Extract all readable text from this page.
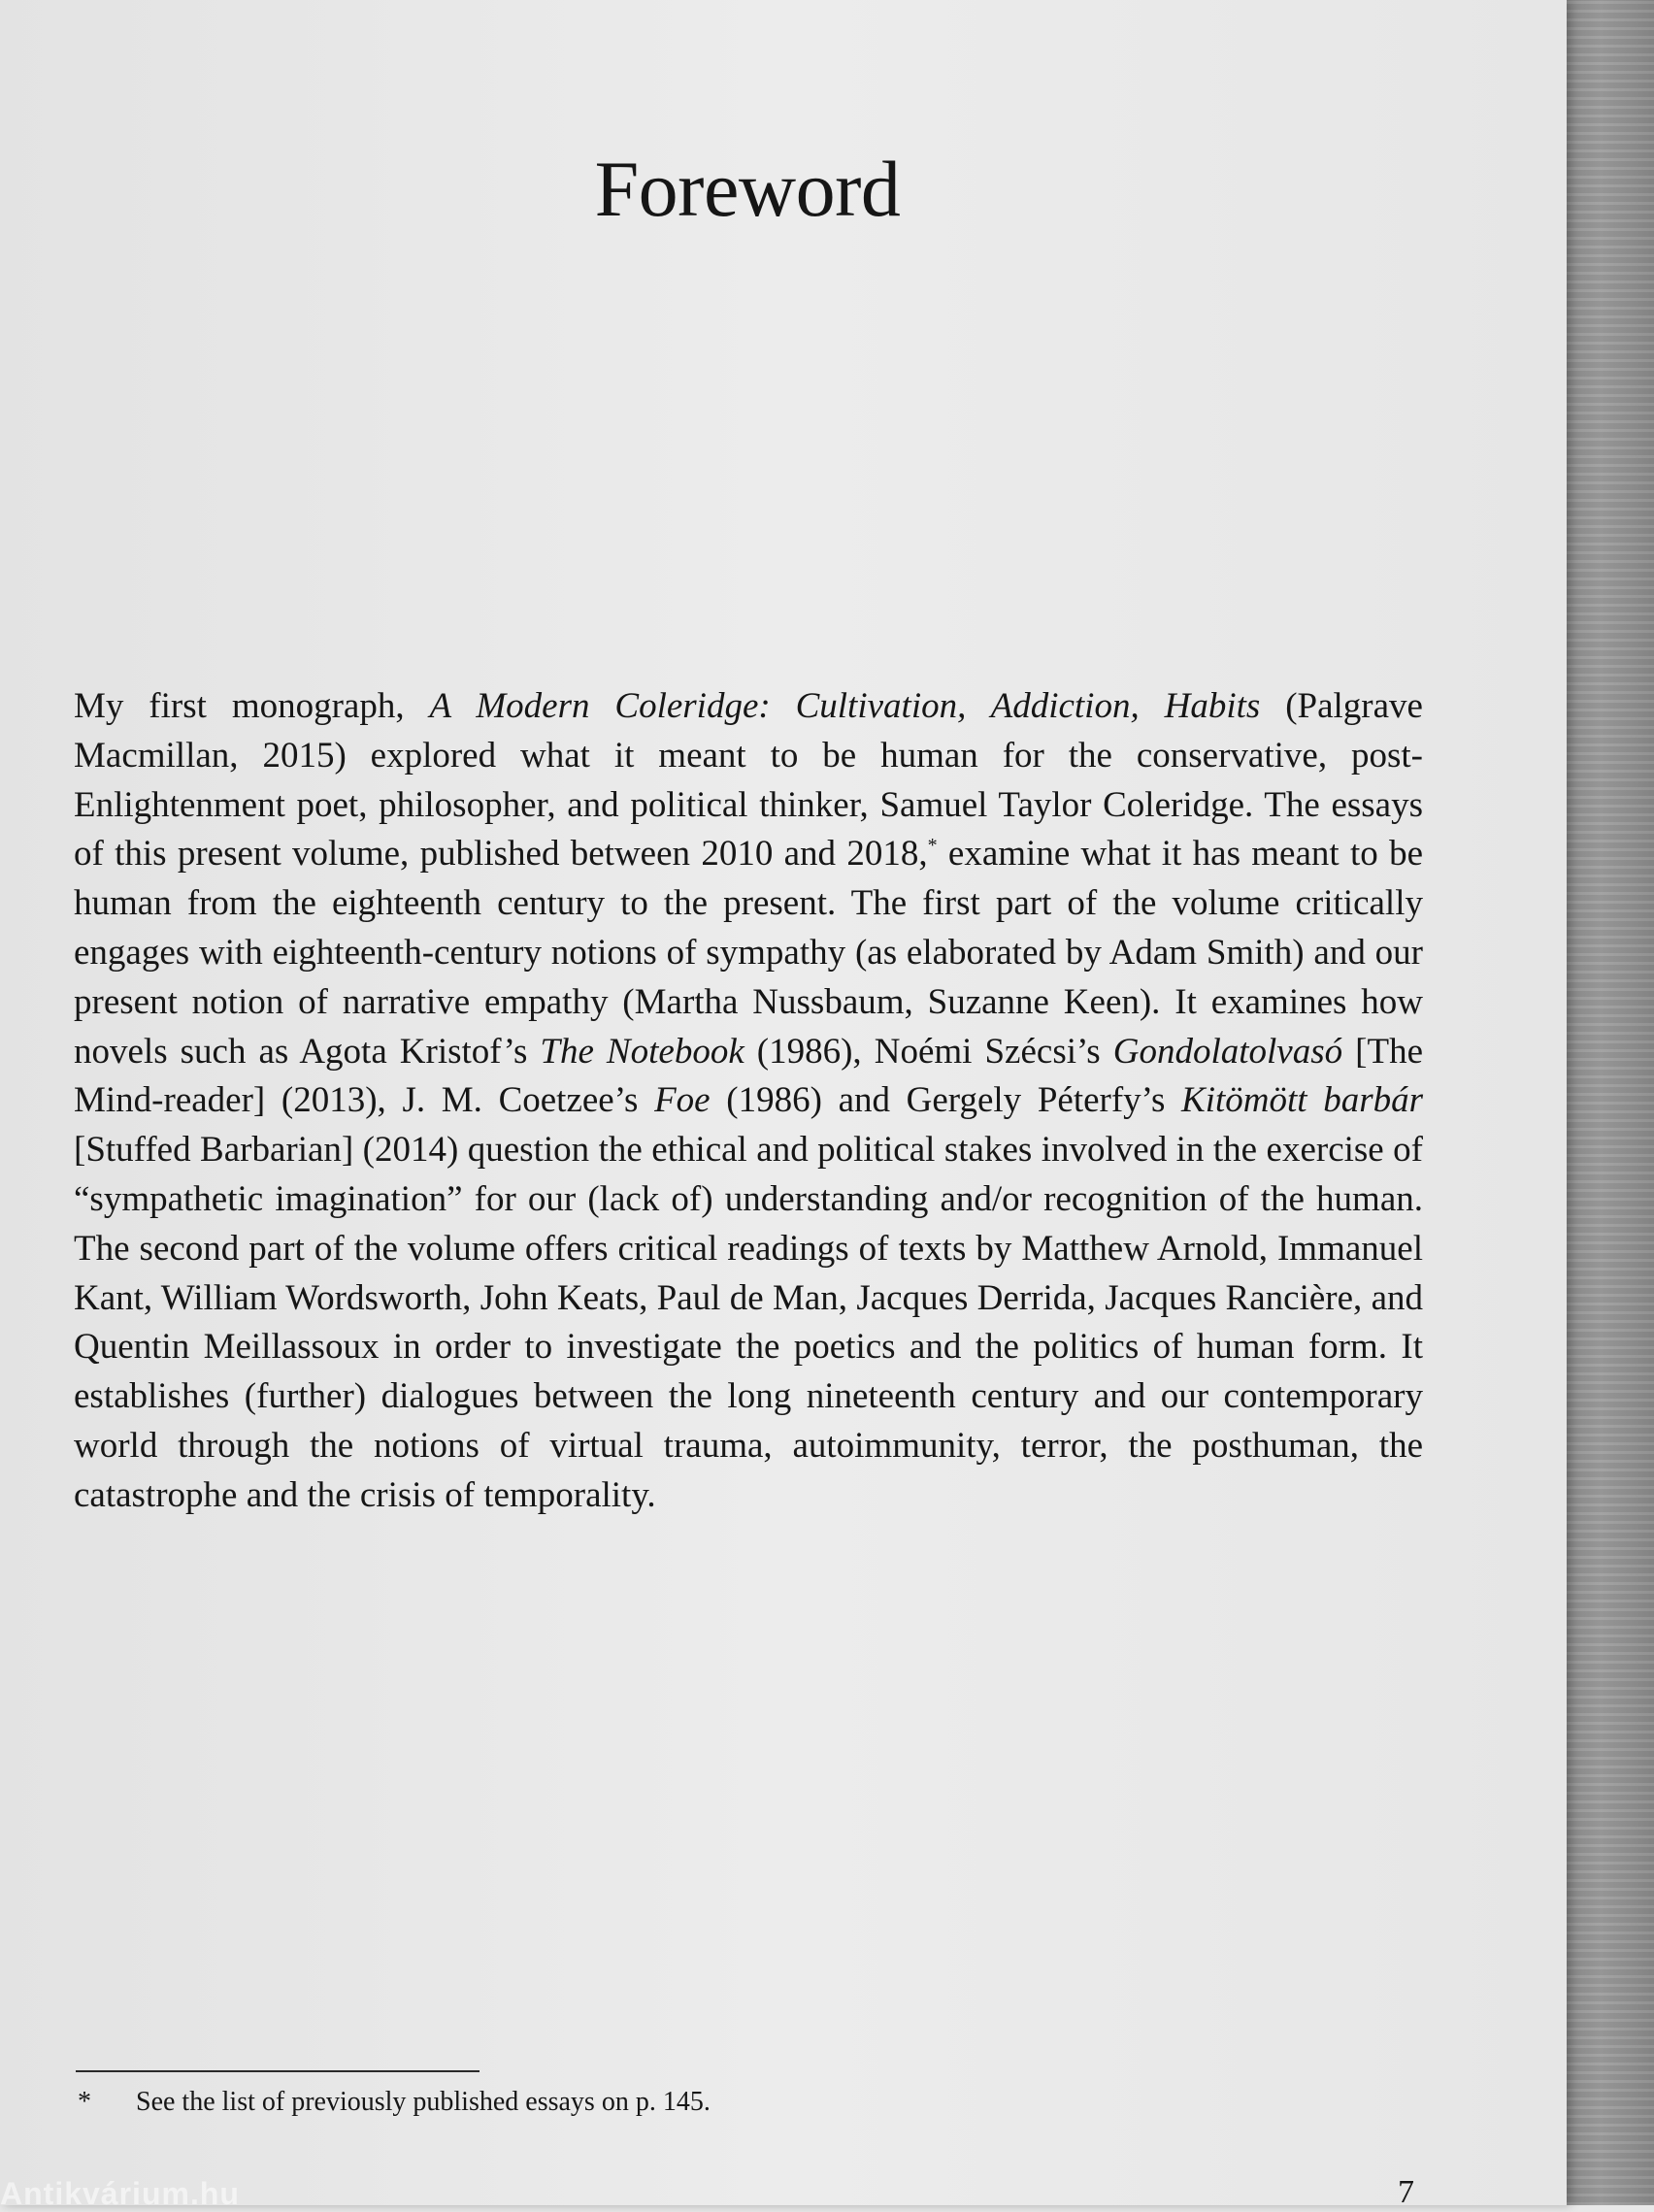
Foreword

My first monograph, A Modern Coleridge: Cultivation, Addiction, Habits (Palgrave Macmillan, 2015) explored what it meant to be human for the conservative, post-Enlightenment poet, philosopher, and political thinker, Samuel Taylor Coleridge. The essays of this present volume, published between 2010 and 2018,* examine what it has meant to be human from the eighteenth century to the present. The first part of the volume critically engages with eighteenth-century notions of sympathy (as elaborated by Adam Smith) and our present notion of narrative empathy (Martha Nussbaum, Suzanne Keen). It examines how novels such as Agota Kristof’s The Notebook (1986), Noémi Szécsi’s Gondolatolvasó [The Mind-reader] (2013), J. M. Coetzee’s Foe (1986) and Gergely Péterfy’s Kitömött barbár [Stuffed Barbarian] (2014) question the ethical and political stakes involved in the exercise of “sympathetic imagination” for our (lack of) understanding and/or recognition of the human. The second part of the volume offers critical readings of texts by Matthew Arnold, Immanuel Kant, William Wordsworth, John Keats, Paul de Man, Jacques Derrida, Jacques Rancière, and Quentin Meillassoux in order to investigate the poetics and the politics of human form. It establishes (further) dialogues between the long nineteenth century and our contemporary world through the notions of virtual trauma, autoimmunity, terror, the posthuman, the catastrophe and the crisis of temporality.

* See the list of previously published essays on p. 145.
7
Antikvárium.hu
